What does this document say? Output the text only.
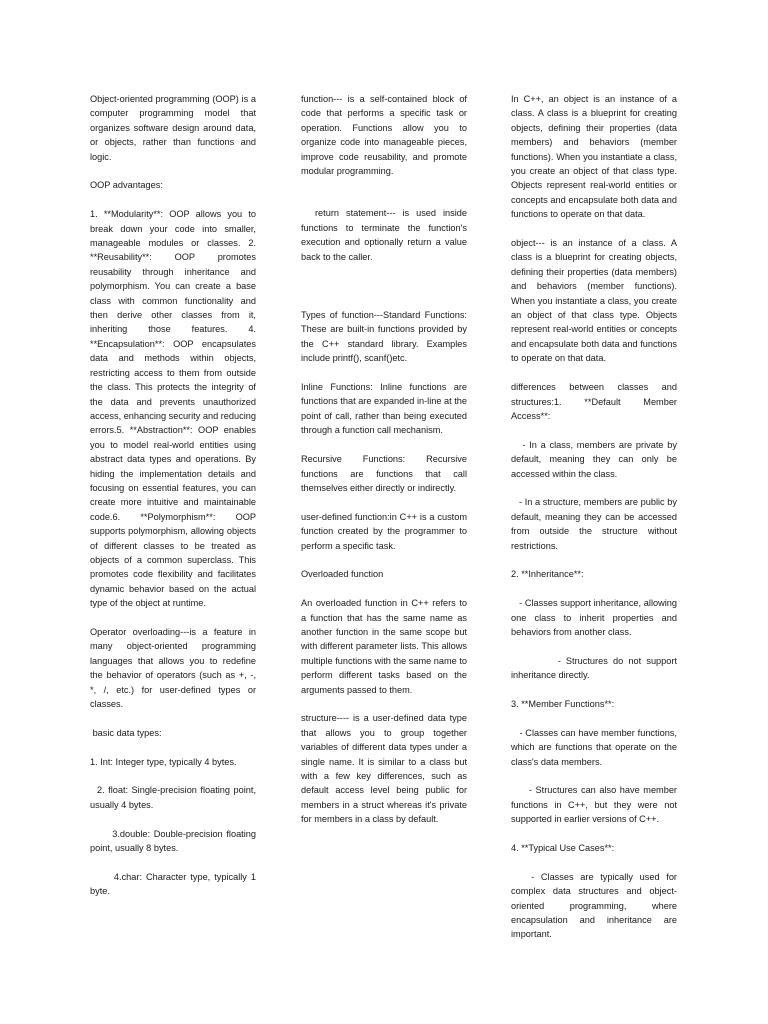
Object-oriented programming (OOP) is a computer programming model that organizes software design around data, or objects, rather than functions and logic.

OOP advantages:

1. **Modularity**: OOP allows you to break down your code into smaller, manageable modules or classes. 2. **Reusability**: OOP promotes reusability through inheritance and polymorphism. You can create a base class with common functionality and then derive other classes from it, inheriting those features. 4. **Encapsulation**: OOP encapsulates data and methods within objects, restricting access to them from outside the class. This protects the integrity of the data and prevents unauthorized access, enhancing security and reducing errors.5. **Abstraction**: OOP enables you to model real-world entities using abstract data types and operations. By hiding the implementation details and focusing on essential features, you can create more intuitive and maintainable code.6. **Polymorphism**: OOP supports polymorphism, allowing objects of different classes to be treated as objects of a common superclass. This promotes code flexibility and facilitates dynamic behavior based on the actual type of the object at runtime.

Operator overloading---is a feature in many object-oriented programming languages that allows you to redefine the behavior of operators (such as +, -, *, /, etc.) for user-defined types or classes.

basic data types:

1. Int: Integer type, typically 4 bytes.

2. float: Single-precision floating point, usually 4 bytes.

3.double: Double-precision floating point, usually 8 bytes.

4.char: Character type, typically 1 byte.

function--- is a self-contained block of code that performs a specific task or operation. Functions allow you to organize code into manageable pieces, improve code reusability, and promote modular programming.

return statement--- is used inside functions to terminate the function's execution and optionally return a value back to the caller.

Types of function---Standard Functions: These are built-in functions provided by the C++ standard library. Examples include printf(), scanf()etc.

Inline Functions: Inline functions are functions that are expanded in-line at the point of call, rather than being executed through a function call mechanism.

Recursive Functions: Recursive functions are functions that call themselves either directly or indirectly.

user-defined function:in C++ is a custom function created by the programmer to perform a specific task.

Overloaded function

An overloaded function in C++ refers to a function that has the same name as another function in the same scope but with different parameter lists. This allows multiple functions with the same name to perform different tasks based on the arguments passed to them.

structure---- is a user-defined data type that allows you to group together variables of different data types under a single name. It is similar to a class but with a few key differences, such as default access level being public for members in a struct whereas it's private for members in a class by default.

In C++, an object is an instance of a class. A class is a blueprint for creating objects, defining their properties (data members) and behaviors (member functions). When you instantiate a class, you create an object of that class type. Objects represent real-world entities or concepts and encapsulate both data and functions to operate on that data.

object--- is an instance of a class. A class is a blueprint for creating objects, defining their properties (data members) and behaviors (member functions). When you instantiate a class, you create an object of that class type. Objects represent real-world entities or concepts and encapsulate both data and functions to operate on that data.

differences between classes and structures:1. **Default Member Access**:

- In a class, members are private by default, meaning they can only be accessed within the class.

- In a structure, members are public by default, meaning they can be accessed from outside the structure without restrictions.

2. **Inheritance**:

- Classes support inheritance, allowing one class to inherit properties and behaviors from another class.

- Structures do not support inheritance directly.

3. **Member Functions**:

- Classes can have member functions, which are functions that operate on the class's data members.

- Structures can also have member functions in C++, but they were not supported in earlier versions of C++.

4. **Typical Use Cases**:

- Classes are typically used for complex data structures and object-oriented programming, where encapsulation and inheritance are important.
